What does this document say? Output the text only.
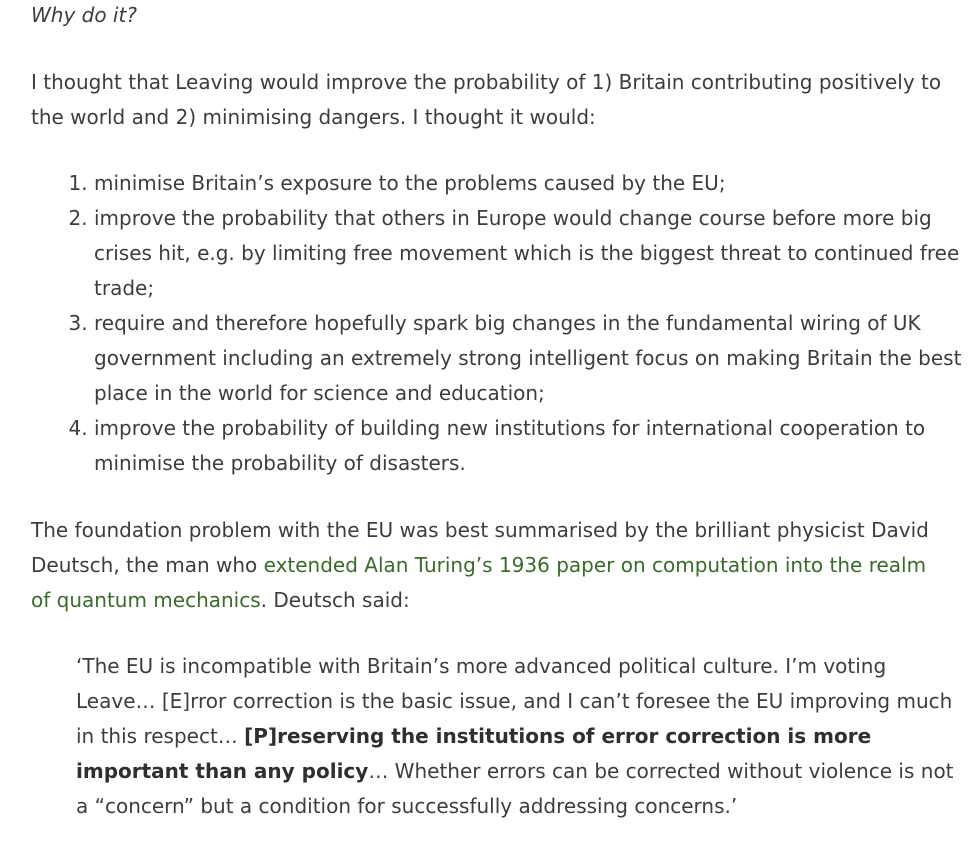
Why do it?

I thought that Leaving would improve the probability of 1) Britain contributing positively to the world and 2) minimising dangers. I thought it would:

1. minimise Britain’s exposure to the problems caused by the EU;
2. improve the probability that others in Europe would change course before more big crises hit, e.g. by limiting free movement which is the biggest threat to continued free trade;
3. require and therefore hopefully spark big changes in the fundamental wiring of UK government including an extremely strong intelligent focus on making Britain the best place in the world for science and education;
4. improve the probability of building new institutions for international cooperation to minimise the probability of disasters.

The foundation problem with the EU was best summarised by the brilliant physicist David Deutsch, the man who extended Alan Turing’s 1936 paper on computation into the realm of quantum mechanics. Deutsch said:

‘The EU is incompatible with Britain’s more advanced political culture. I’m voting Leave… [E]rror correction is the basic issue, and I can’t foresee the EU improving much in this respect… [P]reserving the institutions of error correction is more important than any policy… Whether errors can be corrected without violence is not a “concern” but a condition for successfully addressing concerns.’
